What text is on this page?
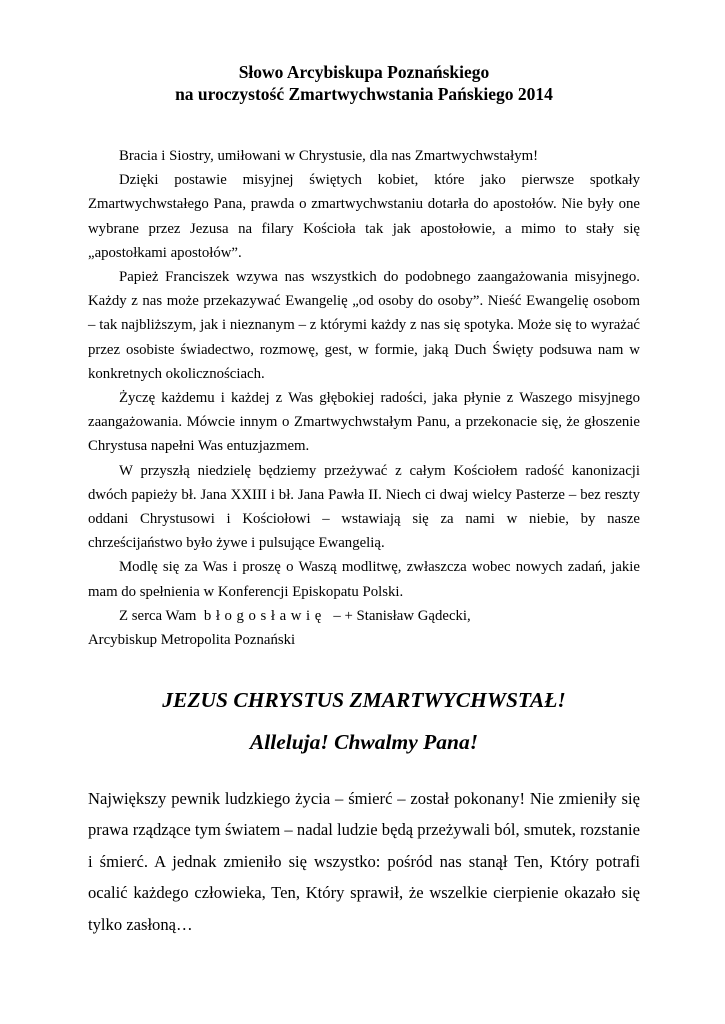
Słowo Arcybiskupa Poznańskiego
na uroczystość Zmartwychwstania Pańskiego 2014

Bracia i Siostry, umiłowani w Chrystusie, dla nas Zmartwychwstałym!

Dzięki postawie misyjnej świętych kobiet, które jako pierwsze spotkały Zmartwychwstałego Pana, prawda o zmartwychwstaniu dotarła do apostołów. Nie były one wybrane przez Jezusa na filary Kościoła tak jak apostołowie, a mimo to stały się „apostołkami apostołów”.

Papież Franciszek wzywa nas wszystkich do podobnego zaangażowania misyjnego. Każdy z nas może przekazywać Ewangelię „od osoby do osoby”. Nieść Ewangelię osobom – tak najbliższym, jak i nieznanym – z którymi każdy z nas się spotyka. Może się to wyrażać przez osobiste świadectwo, rozmowę, gest, w formie, jaką Duch Święty podsuwa nam w konkretnych okolicznościach.

Życzę każdemu i każdej z Was głębokiej radości, jaka płynie z Waszego misyjnego zaangażowania. Mówcie innym o Zmartwychwstałym Panu, a przekonacie się, że głoszenie Chrystusa napełni Was entuzjazmem.

W przyszłą niedzielę będziemy przeżywać z całym Kościołem radość kanonizacji dwóch papieży bł. Jana XXIII i bł. Jana Pawła II. Niech ci dwaj wielcy Pasterze – bez reszty oddani Chrystusowi i Kościołowi – wstawiają się za nami w niebie, by nasze chrześcijaństwo było żywe i pulsujące Ewangelią.

Modlę się za Was i proszę o Waszą modlitwę, zwłaszcza wobec nowych zadań, jakie mam do spełnienia w Konferencji Episkopatu Polski.

Z serca Wam błogosławię – + Stanisław Gądecki,

Arcybiskup Metropolita Poznański

JEZUS CHRYSTUS ZMARTWYCHWSTAŁ!
Alleluja! Chwalmy Pana!

Największy pewnik ludzkiego życia – śmierć – został pokonany! Nie zmieniły się prawa rządzące tym światem – nadal ludzie będą przeżywali ból, smutek, rozstanie i śmierć. A jednak zmieniło się wszystko: pośród nas stanął Ten, Który potrafi ocalić każdego człowieka, Ten, Który sprawił, że wszelkie cierpienie okazało się tylko zasłoną…
